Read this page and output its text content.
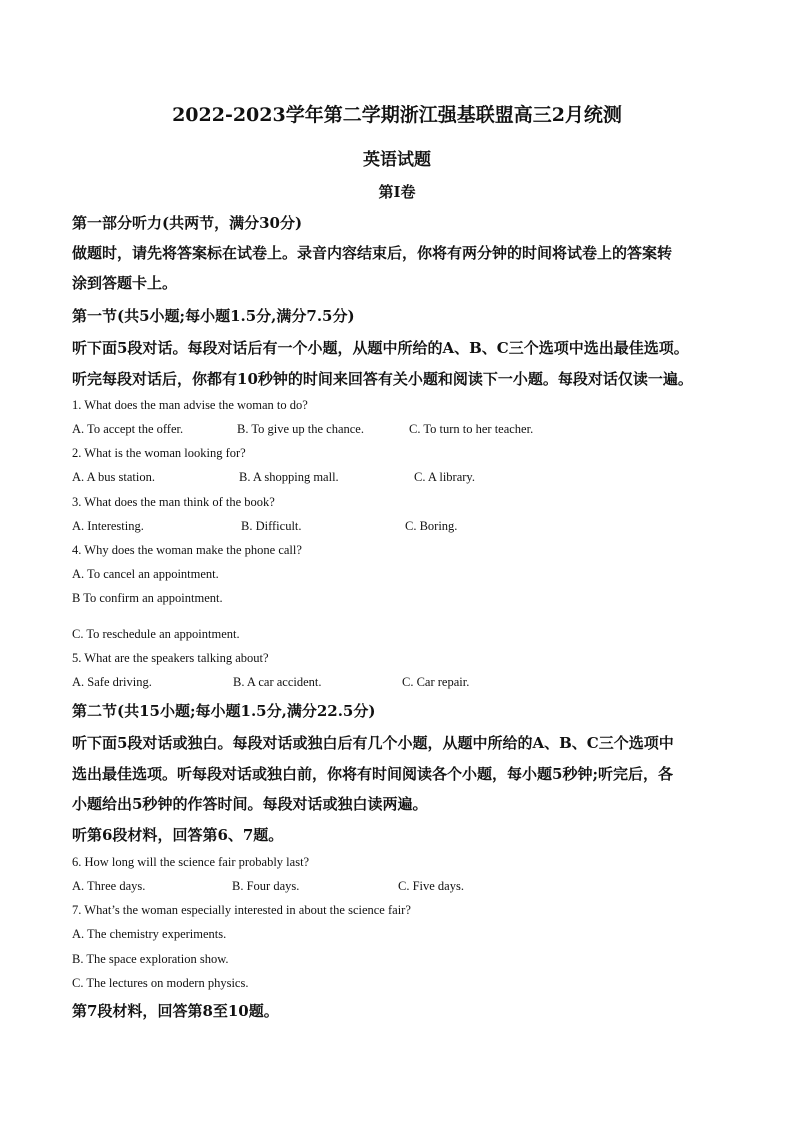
2022-2023学年第二学期浙江强基联盟高三2月统测
英语试题
第I卷
第一部分听力(共两节，满分30分)
做题时，请先将答案标在试卷上。录音内容结束后，你将有两分钟的时间将试卷上的答案转
涂到答题卡上。
第一节(共5小题;每小题1.5分,满分7.5分)
听下面5段对话。每段对话后有一个小题，从题中所给的A、B、C三个选项中选出最佳选项。
听完每段对话后，你都有10秒钟的时间来回答有关小题和阅读下一小题。每段对话仅读一遍。
1. What does the man advise the woman to do?
A. To accept the offer.	B. To give up the chance.	C. To turn to her teacher.
2. What is the woman looking for?
A. A bus station.	B. A shopping mall.	C. A library.
3. What does the man think of the book?
A. Interesting.	B. Difficult.	C. Boring.
4. Why does the woman make the phone call?
A. To cancel an appointment.
B To confirm an appointment.
C. To reschedule an appointment.
5. What are the speakers talking about?
A. Safe driving.	B. A car accident.	C. Car repair.
第二节(共15小题;每小题1.5分,满分22.5分)
听下面5段对话或独白。每段对话或独白后有几个小题，从题中所给的A、B、C三个选项中
选出最佳选项。听每段对话或独白前，你将有时间阅读各个小题，每小题5秒钟;听完后，各
小题给出5秒钟的作答时间。每段对话或独白读两遍。
听第6段材料，回答第6、7题。
6. How long will the science fair probably last?
A. Three days.	B. Four days.	C. Five days.
7. What’s the woman especially interested in about the science fair?
A. The chemistry experiments.
B. The space exploration show.
C. The lectures on modern physics.
第7段材料，回答第8至10题。
